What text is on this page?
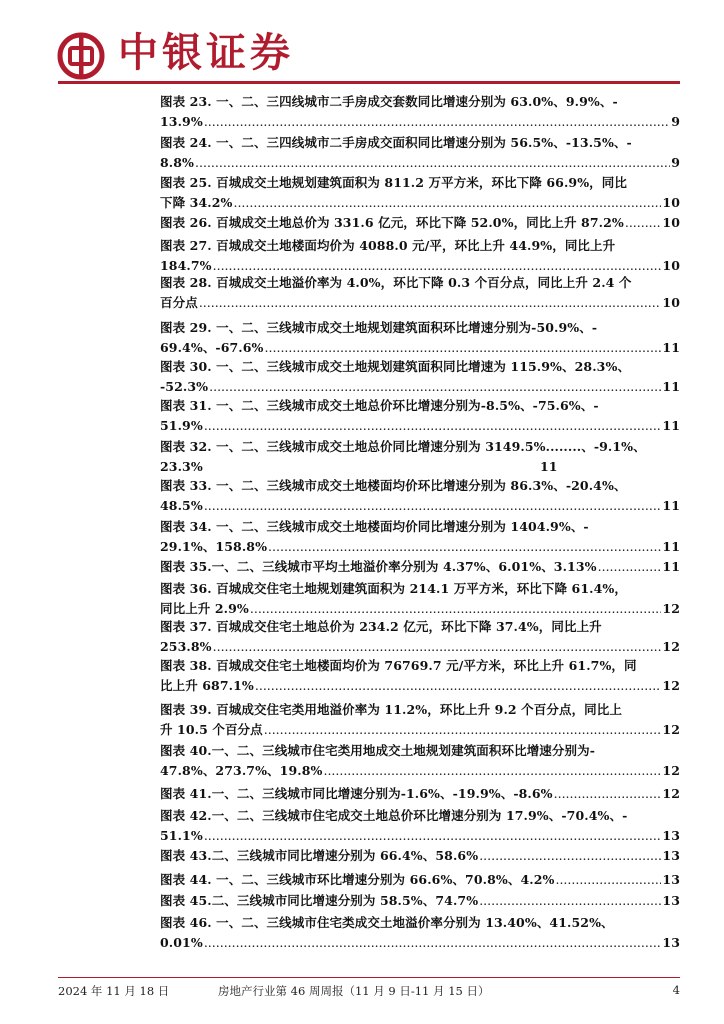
中银证券
图表 23. 一、二、三四线城市二手房成交套数同比增速分别为 63.0%、9.9%、-
13.9% .....	9
图表 24. 一、二、三四线城市二手房成交面积同比增速分别为 56.5%、-13.5%、-
8.8% .....	9
图表 25. 百城成交土地规划建筑面积为 811.2 万平方米，环比下降 66.9%，同比
下降 34.2% .....	10
图表 26. 百城成交土地总价为 331.6 亿元，环比下降 52.0%，同比上升 87.2% .....	10
图表 27. 百城成交土地楼面均价为 4088.0 元/平，环比上升 44.9%，同比上升
184.7% .....	10
图表 28. 百城成交土地溢价率为 4.0%，环比下降 0.3 个百分点，同比上升 2.4 个
百分点 .....	10
图表 29. 一、二、三线城市成交土地规划建筑面积环比增速分别为-50.9%、-
69.4%、-67.6% .....	11
图表 30. 一、二、三线城市成交土地规划建筑面积同比增速为 115.9%、28.3%、
-52.3% .....	11
图表 31. 一、二、三线城市成交土地总价环比增速分别为-8.5%、-75.6%、-
51.9% .....	11
图表 32. 一、二、三线城市成交土地总价同比增速分别为 3149.5%........、-9.1%、
23.3%	11
图表 33. 一、二、三线城市成交土地楼面均价环比增速分别为 86.3%、-20.4%、
48.5% .....	11
图表 34. 一、二、三线城市成交土地楼面均价同比增速分别为 1404.9%、-
29.1%、158.8% .....	11
图表 35.一、二、三线城市平均土地溢价率分别为 4.37%、6.01%、3.13% .....	11
图表 36. 百城成交住宅土地规划建筑面积为 214.1 万平方米，环比下降 61.4%，
同比上升 2.9% .....	12
图表 37. 百城成交住宅土地总价为 234.2 亿元，环比下降 37.4%，同比上升
253.8% .....	12
图表 38. 百城成交住宅土地楼面均价为 76769.7 元/平方米，环比上升 61.7%，同
比上升 687.1% .....	12
图表 39. 百城成交住宅类用地溢价率为 11.2%，环比上升 9.2 个百分点，同比上
升 10.5 个百分点 .....	12
图表 40.一、二、三线城市住宅类用地成交土地规划建筑面积环比增速分别为-
47.8%、273.7%、19.8% .....	12
图表 41.一、二、三线城市同比增速分别为-1.6%、-19.9%、-8.6% .....	12
图表 42.一、二、三线城市住宅成交土地总价环比增速分别为 17.9%、-70.4%、-
51.1% .....	13
图表 43.二、三线城市同比增速分别为 66.4%、58.6% .....	13
图表 44. 一、二、三线城市环比增速分别为 66.6%、70.8%、4.2% .....	13
图表 45.二、三线城市同比增速分别为 58.5%、74.7% .....	13
图表 46. 一、二、三线城市住宅类成交土地溢价率分别为 13.40%、41.52%、
0.01% .....	13
2024 年 11 月 18 日	房地产行业第 46 周周报（11 月 9 日-11 月 15 日）	4
